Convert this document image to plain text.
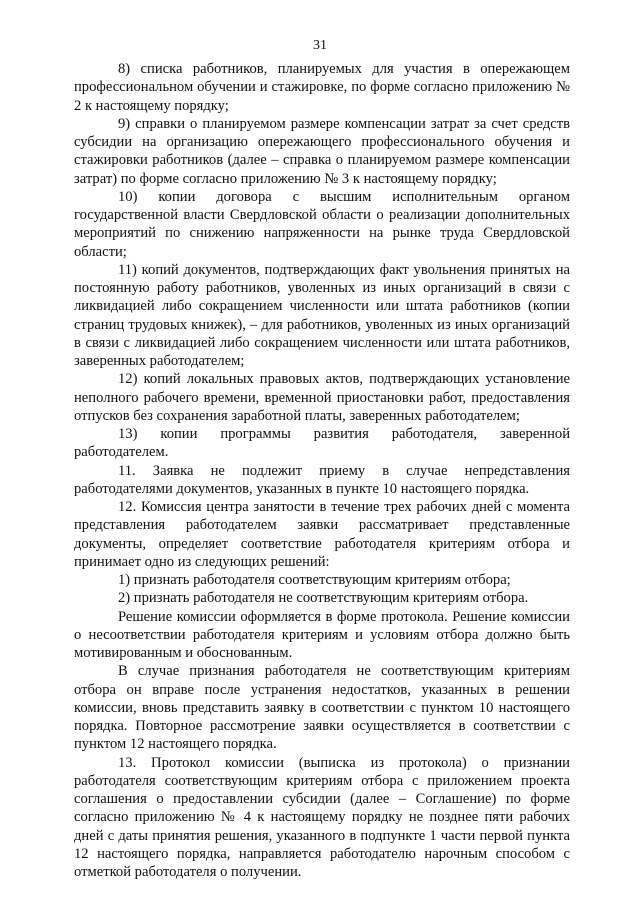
31

8) списка работников, планируемых для участия в опережающем профессиональном обучении и стажировке, по форме согласно приложению № 2 к настоящему порядку;

9) справки о планируемом размере компенсации затрат за счет средств субсидии на организацию опережающего профессионального обучения и стажировки работников (далее – справка о планируемом размере компенсации затрат) по форме согласно приложению № 3 к настоящему порядку;

10) копии договора с высшим исполнительным органом государственной власти Свердловской области о реализации дополнительных мероприятий по снижению напряженности на рынке труда Свердловской области;

11) копий документов, подтверждающих факт увольнения принятых на постоянную работу работников, уволенных из иных организаций в связи с ликвидацией либо сокращением численности или штата работников (копии страниц трудовых книжек), – для работников, уволенных из иных организаций в связи с ликвидацией либо сокращением численности или штата работников, заверенных работодателем;

12) копий локальных правовых актов, подтверждающих установление неполного рабочего времени, временной приостановки работ, предоставления отпусков без сохранения заработной платы, заверенных работодателем;

13) копии программы развития работодателя, заверенной работодателем.

11. Заявка не подлежит приему в случае непредставления работодателями документов, указанных в пункте 10 настоящего порядка.

12. Комиссия центра занятости в течение трех рабочих дней с момента представления работодателем заявки рассматривает представленные документы, определяет соответствие работодателя критериям отбора и принимает одно из следующих решений:

1) признать работодателя соответствующим критериям отбора;

2) признать работодателя не соответствующим критериям отбора.

Решение комиссии оформляется в форме протокола. Решение комиссии о несоответствии работодателя критериям и условиям отбора должно быть мотивированным и обоснованным.

В случае признания работодателя не соответствующим критериям отбора он вправе после устранения недостатков, указанных в решении комиссии, вновь представить заявку в соответствии с пунктом 10 настоящего порядка. Повторное рассмотрение заявки осуществляется в соответствии с пунктом 12 настоящего порядка.

13. Протокол комиссии (выписка из протокола) о признании работодателя соответствующим критериям отбора с приложением проекта соглашения о предоставлении субсидии (далее – Соглашение) по форме согласно приложению № 4 к настоящему порядку не позднее пяти рабочих дней с даты принятия решения, указанного в подпункте 1 части первой пункта 12 настоящего порядка, направляется работодателю нарочным способом с отметкой работодателя о получении.
